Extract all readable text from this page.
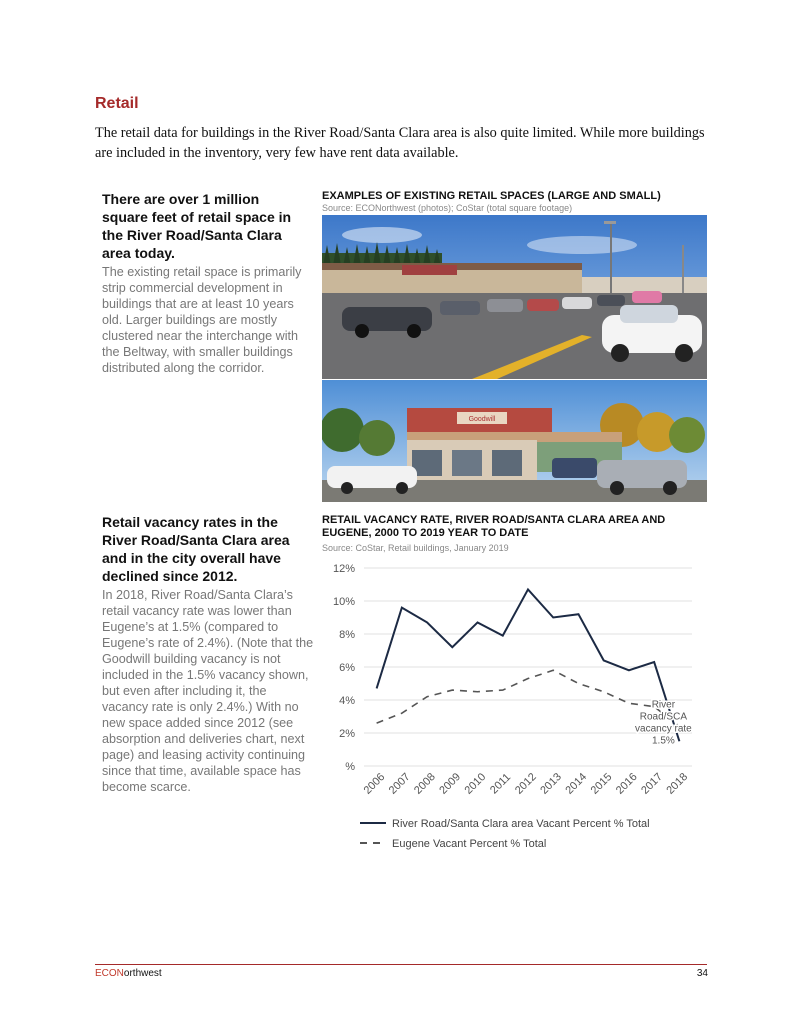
Retail
The retail data for buildings in the River Road/Santa Clara area is also quite limited. While more buildings are included in the inventory, very few have rent data available.
There are over 1 million square feet of retail space in the River Road/Santa Clara area today.
The existing retail space is primarily strip commercial development in buildings that are at least 10 years old. Larger buildings are mostly clustered near the interchange with the Beltway, with smaller buildings distributed along the corridor.
EXAMPLES OF EXISTING RETAIL SPACES (LARGE AND SMALL)
Source: ECONorthwest (photos); CoStar (total square footage)
Goodwill
Retail vacancy rates in the River Road/Santa Clara area and in the city overall have declined since 2012.
In 2018, River Road/Santa Clara’s retail vacancy rate was lower than Eugene’s at 1.5% (compared to Eugene’s rate of 2.4%). (Note that the Goodwill building vacancy is not included in the 1.5% vacancy shown, but even after including it, the vacancy rate is only 2.4%.) With no new space added since 2012 (see absorption and deliveries chart, next page) and leasing activity continuing since that time, available space has become scarce.
RETAIL VACANCY RATE, RIVER ROAD/SANTA CLARA AREA AND EUGENE, 2000 TO 2019 YEAR TO DATE
Source: CoStar, Retail buildings, January 2019
%
2%
4%
6%
8%
10%
12%
2006 2007 2008 2009 2010 2011 2012 2013 2014 2015 2016 2017 2018
River
Road/SCA
vacancy rate
1.5%
River Road/Santa Clara area Vacant Percent % Total
Eugene Vacant Percent % Total
ECONorthwest	34
